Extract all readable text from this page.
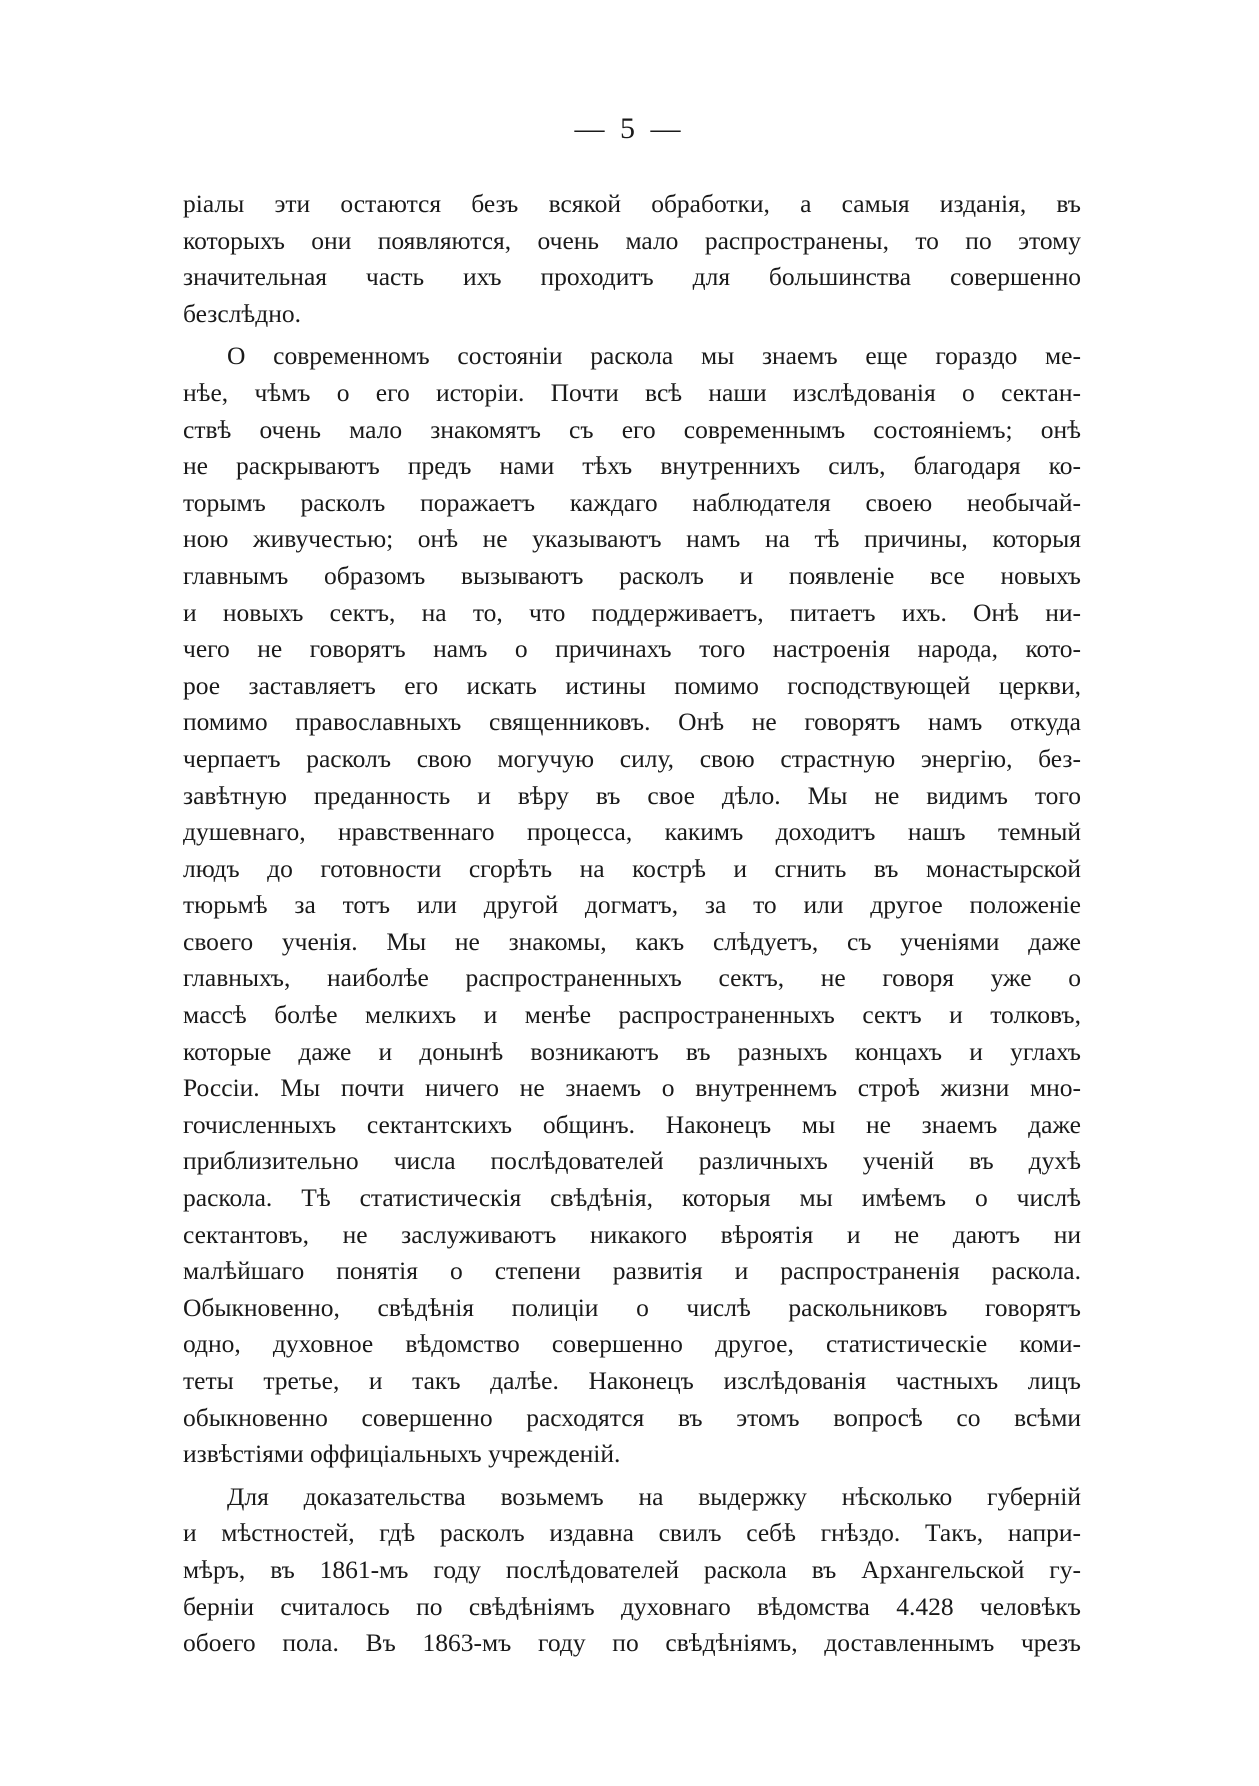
— 5 —
ріалы эти остаются безъ всякой обработки, а самыя изданія, въ
которыхъ они появляются, очень мало распространены, то по этому
значительная часть ихъ проходитъ для большинства совершенно
безслѣдно.
О современномъ состояніи раскола мы знаемъ еще гораздо ме-
нѣе, чѣмъ о его исторіи. Почти всѣ наши изслѣдованія о сектан-
ствѣ очень мало знакомятъ съ его современнымъ состояніемъ; онѣ
не раскрываютъ предъ нами тѣхъ внутреннихъ силъ, благодаря ко-
торымъ расколъ поражаетъ каждаго наблюдателя своею необычай-
ною живучестью; онѣ не указываютъ намъ на тѣ причины, которыя
главнымъ образомъ вызываютъ расколъ и появленіе все новыхъ
и новыхъ сектъ, на то, что поддерживаетъ, питаетъ ихъ. Онѣ ни-
чего не говорятъ намъ о причинахъ того настроенія народа, кото-
рое заставляетъ его искать истины помимо господствующей церкви,
помимо православныхъ священниковъ. Онѣ не говорятъ намъ откуда
черпаетъ расколъ свою могучую силу, свою страстную энергію, без-
завѣтную преданность и вѣру въ свое дѣло. Мы не видимъ того
душевнаго, нравственнаго процесса, какимъ доходитъ нашъ темный
людъ до готовности сгорѣть на кострѣ и сгнить въ монастырской
тюрьмѣ за тотъ или другой догматъ, за то или другое положеніе
своего ученія. Мы не знакомы, какъ слѣдуетъ, съ ученіями даже
главныхъ, наиболѣе распространенныхъ сектъ, не говоря уже о
массѣ болѣе мелкихъ и менѣе распространенныхъ сектъ и толковъ,
которые даже и донынѣ возникаютъ въ разныхъ концахъ и углахъ
Россіи. Мы почти ничего не знаемъ о внутреннемъ строѣ жизни мно-
гочисленныхъ сектантскихъ общинъ. Наконецъ мы не знаемъ даже
приблизительно числа послѣдователей различныхъ ученій въ духѣ
раскола. Тѣ статистическія свѣдѣнія, которыя мы имѣемъ о числѣ
сектантовъ, не заслуживаютъ никакого вѣроятія и не даютъ ни
малѣйшаго понятія о степени развитія и распространенія раскола.
Обыкновенно, свѣдѣнія полиціи о числѣ раскольниковъ говорятъ
одно, духовное вѣдомство совершенно другое, статистическіе коми-
теты третье, и такъ далѣе. Наконецъ изслѣдованія частныхъ лицъ
обыкновенно совершенно расходятся въ этомъ вопросѣ со всѣми
извѣстіями оффиціальныхъ учрежденій.
Для доказательства возьмемъ на выдержку нѣсколько губерній
и мѣстностей, гдѣ расколъ издавна свилъ себѣ гнѣздо. Такъ, напри-
мѣръ, въ 1861-мъ году послѣдователей раскола въ Архангельской гу-
берніи считалось по свѣдѣніямъ духовнаго вѣдомства 4.428 человѣкъ
обоего пола. Въ 1863-мъ году по свѣдѣніямъ, доставленнымъ чрезъ
